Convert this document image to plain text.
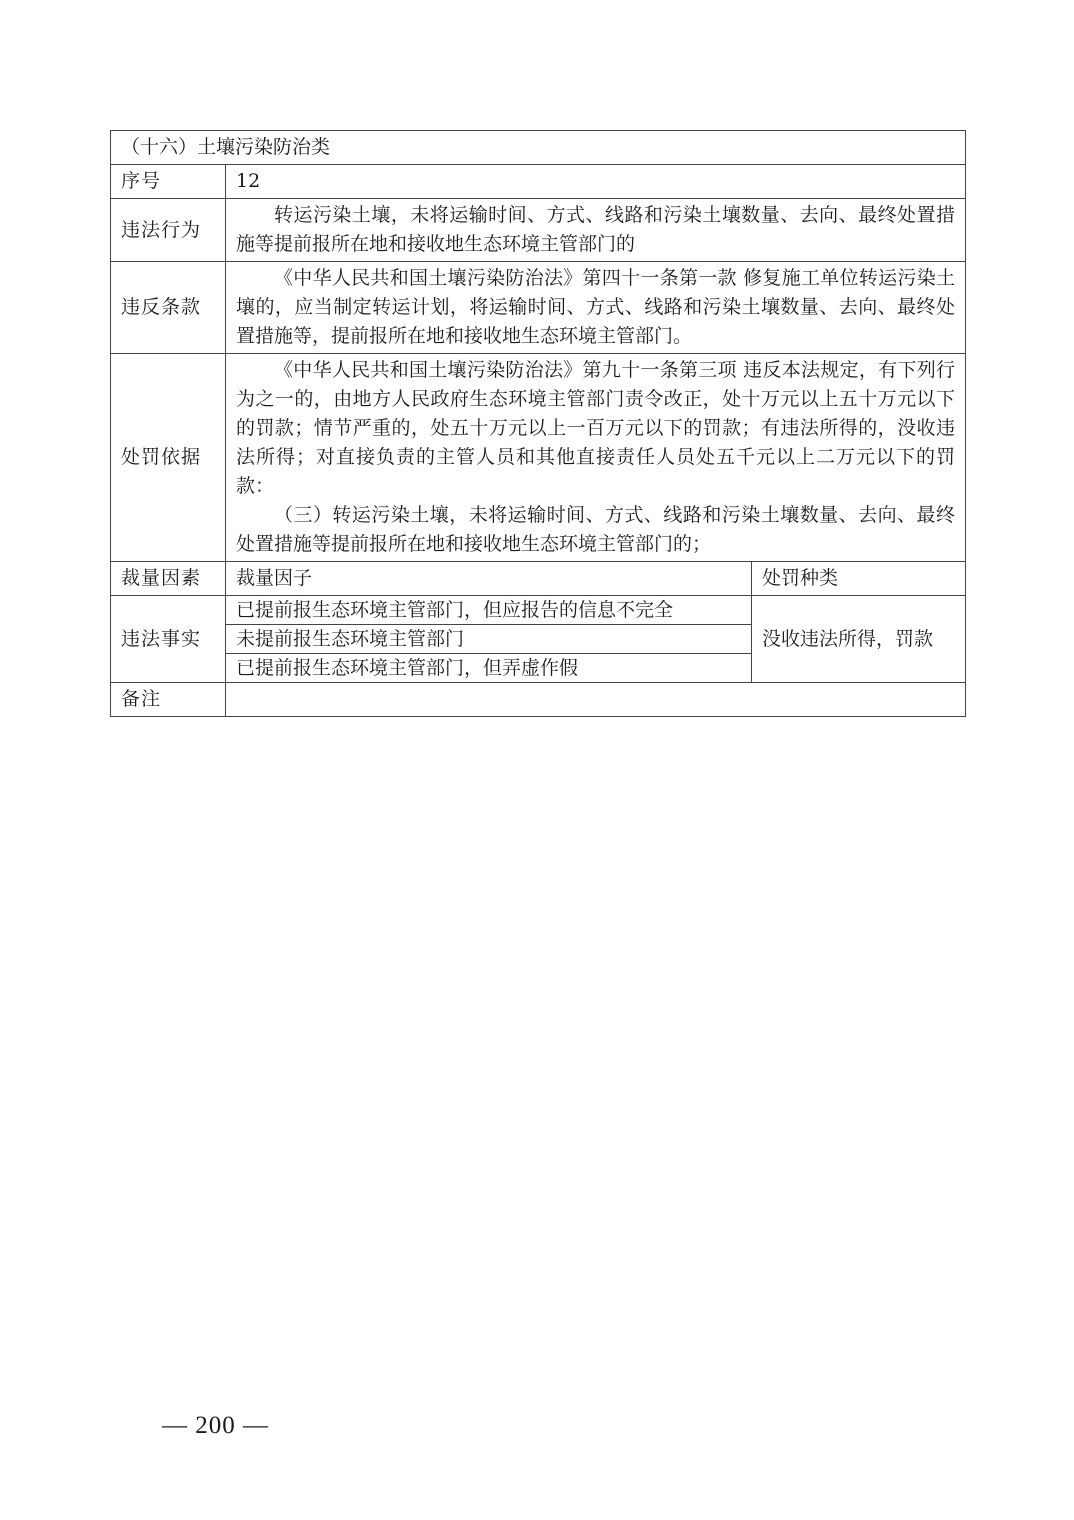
（十六）土壤污染防治类		
序号	12	
违法行为	转运污染土壤，未将运输时间、方式、线路和污染土壤数量、去向、最终处置措施等提前报所在地和接收地生态环境主管部门的	

违反条款	《中华人民共和国土壤污染防治法》第四十一条第一款 修复施工单位转运污染土壤的，应当制定转运计划，将运输时间、方式、线路和污染土壤数量、去向、最终处置措施等，提前报所在地和接收地生态环境主管部门。	

处罚依据	《中华人民共和国土壤污染防治法》第九十一条第三项 违反本法规定，有下列行为之一的，由地方人民政府生态环境主管部门责令改正，处十万元以上五十万元以下的罚款；情节严重的，处五十万元以上一百万元以下的罚款；有违法所得的，没收违法所得；对直接负责的主管人员和其他直接责任人员处五千元以上二万元以下的罚款：

（三）转运污染土壤，未将运输时间、方式、线路和污染土壤数量、去向、最终处置措施等提前报所在地和接收地生态环境主管部门的；	

裁量因素	裁量因子	处罚种类
违法事实	已提前报生态环境主管部门，但应报告的信息不完全
未提前报生态环境主管部门
已提前报生态环境主管部门，但弄虚作假	没收违法所得，罚款
备注		
— 200 —
